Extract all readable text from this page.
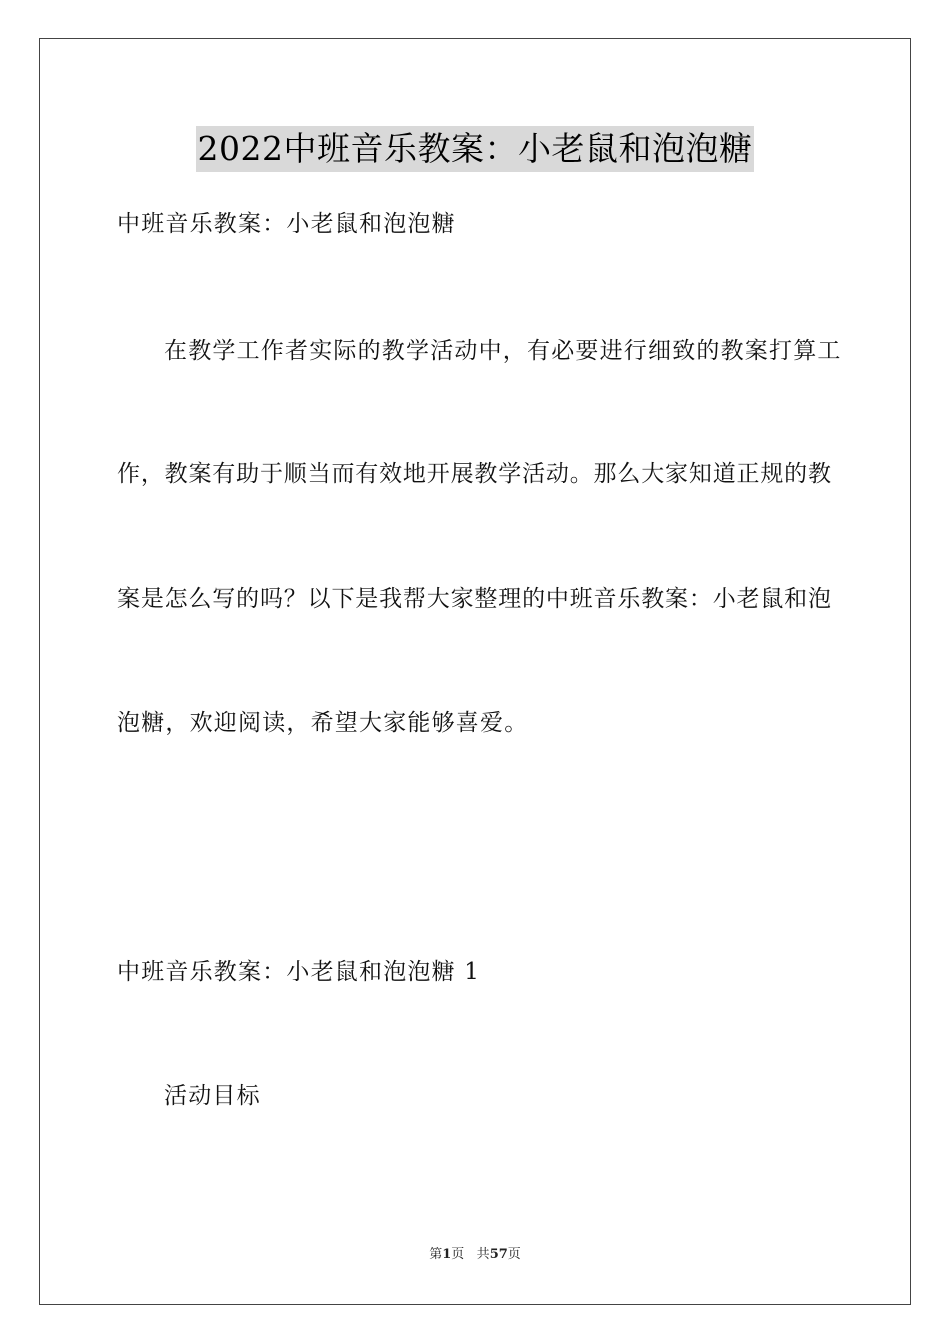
2022中班音乐教案：小老鼠和泡泡糖
中班音乐教案：小老鼠和泡泡糖
在教学工作者实际的教学活动中，有必要进行细致的教案打算工
作，教案有助于顺当而有效地开展教学活动。那么大家知道正规的教
案是怎么写的吗？以下是我帮大家整理的中班音乐教案：小老鼠和泡
泡糖，欢迎阅读，希望大家能够喜爱。
中班音乐教案：小老鼠和泡泡糖 1
活动目标
第1页 共57页
